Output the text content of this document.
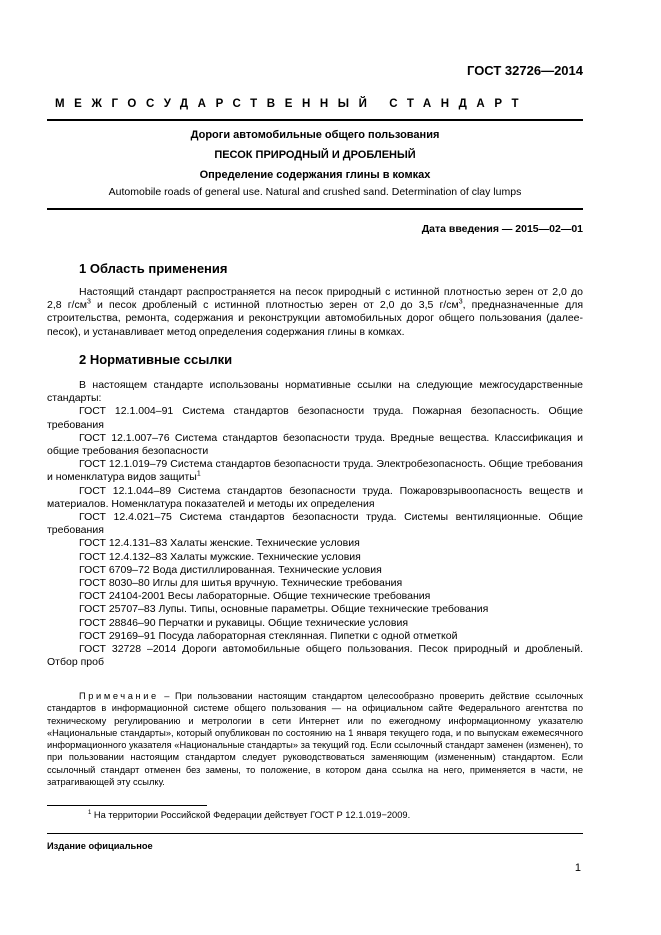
ГОСТ 32726—2014
МЕЖГОСУДАРСТВЕННЫЙ СТАНДАРТ
Дороги автомобильные общего пользования
ПЕСОК ПРИРОДНЫЙ И ДРОБЛЕНЫЙ
Определение содержания глины в комках
Automobile roads of general use. Natural and crushed sand. Determination of clay lumps
Дата введения — 2015—02—01
1 Область применения

Настоящий стандарт распространяется на песок природный с истинной плотностью зерен от 2,0 до 2,8 $г/см^3$ и песок дробленый с истинной плотностью зерен от 2,0 до 3,5 $г/см^3$, предназначенные для строительства, ремонта, содержания и реконструкции автомобильных дорог общего пользования (далее-песок), и устанавливает метод определения содержания глины в комках.

2 Нормативные ссылки

В настоящем стандарте использованы нормативные ссылки на следующие межгосударственные стандарты:

ГОСТ 12.1.004–91 Система стандартов безопасности труда. Пожарная безопасность. Общие требования

ГОСТ 12.1.007–76 Система стандартов безопасности труда. Вредные вещества. Классификация и общие требования безопасности

ГОСТ 12.1.019–79 Система стандартов безопасности труда. Электробезопасность. Общие требования и номенклатура видов защиты$^1$

ГОСТ 12.1.044–89 Система стандартов безопасности труда. Пожаровзрывоопасность веществ и материалов. Номенклатура показателей и методы их определения

ГОСТ 12.4.021–75 Система стандартов безопасности труда. Системы вентиляционные. Общие требования

ГОСТ 12.4.131–83 Халаты женские. Технические условия

ГОСТ 12.4.132–83 Халаты мужские. Технические условия

ГОСТ 6709–72 Вода дистиллированная. Технические условия

ГОСТ 8030–80 Иглы для шитья вручную. Технические требования

ГОСТ 24104-2001 Весы лабораторные. Общие технические требования

ГОСТ 25707–83 Лупы. Типы, основные параметры. Общие технические требования

ГОСТ 28846–90 Перчатки и рукавицы. Общие технические условия

ГОСТ 29169–91 Посуда лабораторная стеклянная. Пипетки с одной отметкой

ГОСТ 32728 –2014 Дороги автомобильные общего пользования. Песок природный и дробленый. Отбор проб

Примечание – При пользовании настоящим стандартом целесообразно проверить действие ссылочных стандартов в информационной системе общего пользования — на официальном сайте Федерального агентства по техническому регулированию и метрологии в сети Интернет или по ежегодному информационному указателю «Национальные стандарты», который опубликован по состоянию на 1 января текущего года, и по выпускам ежемесячного информационного указателя «Национальные стандарты» за текущий год. Если ссылочный стандарт заменен (изменен), то при пользовании настоящим стандартом следует руководствоваться заменяющим (измененным) стандартом. Если ссылочный стандарт отменен без замены, то положение, в котором дана ссылка на него, применяется в части, не затрагивающей эту ссылку.

$^1$ На территории Российской Федерации действует ГОСТ Р 12.1.019−2009.
Издание официальное
1
